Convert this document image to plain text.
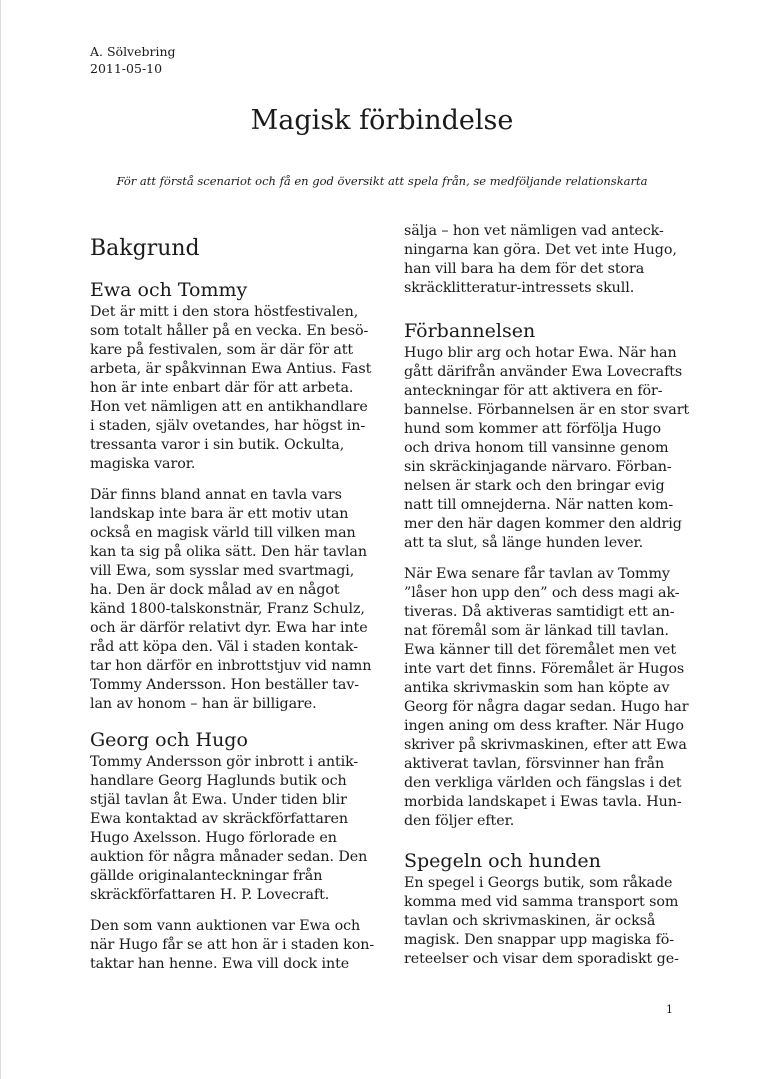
A. Sölvebring
2011-05-10
Magisk förbindelse
För att förstå scenariot och få en god översikt att spela från, se medföljande relationskarta
Bakgrund
Ewa och Tommy

Det är mitt i den stora höstfestivalen,
som totalt håller på en vecka. En besö-
kare på festivalen, som är där för att
arbeta, är spåkvinnan Ewa Antius. Fast
hon är inte enbart där för att arbeta.
Hon vet nämligen att en antikhandlare
i staden, själv ovetandes, har högst in-
tressanta varor i sin butik. Ockulta,
magiska varor.

Där finns bland annat en tavla vars
landskap inte bara är ett motiv utan
också en magisk värld till vilken man
kan ta sig på olika sätt. Den här tavlan
vill Ewa, som sysslar med svartmagi,
ha. Den är dock målad av en något
känd 1800-talskonstnär, Franz Schulz,
och är därför relativt dyr. Ewa har inte
råd att köpa den. Väl i staden kontak-
tar hon därför en inbrottstjuv vid namn
Tommy Andersson. Hon beställer tav-
lan av honom – han är billigare.

Georg och Hugo

Tommy Andersson gör inbrott i antik-
handlare Georg Haglunds butik och
stjäl tavlan åt Ewa. Under tiden blir
Ewa kontaktad av skräckförfattaren
Hugo Axelsson. Hugo förlorade en
auktion för några månader sedan. Den
gällde originalanteckningar från
skräckförfattaren H. P. Lovecraft.

Den som vann auktionen var Ewa och
när Hugo får se att hon är i staden kon-
taktar han henne. Ewa vill dock inte

sälja – hon vet nämligen vad anteck-
ningarna kan göra. Det vet inte Hugo,
han vill bara ha dem för det stora
skräcklitteratur-intressets skull.

Förbannelsen

Hugo blir arg och hotar Ewa. När han
gått därifrån använder Ewa Lovecrafts
anteckningar för att aktivera en för-
bannelse. Förbannelsen är en stor svart
hund som kommer att förfölja Hugo
och driva honom till vansinne genom
sin skräckinjagande närvaro. Förban-
nelsen är stark och den bringar evig
natt till omnejderna. När natten kom-
mer den här dagen kommer den aldrig
att ta slut, så länge hunden lever.

När Ewa senare får tavlan av Tommy
”låser hon upp den” och dess magi ak-
tiveras. Då aktiveras samtidigt ett an-
nat föremål som är länkad till tavlan.
Ewa känner till det föremålet men vet
inte vart det finns. Föremålet är Hugos
antika skrivmaskin som han köpte av
Georg för några dagar sedan. Hugo har
ingen aning om dess krafter. När Hugo
skriver på skrivmaskinen, efter att Ewa
aktiverat tavlan, försvinner han från
den verkliga världen och fängslas i det
morbida landskapet i Ewas tavla. Hun-
den följer efter.

Spegeln och hunden

En spegel i Georgs butik, som råkade
komma med vid samma transport som
tavlan och skrivmaskinen, är också
magisk. Den snappar upp magiska fö-
reteelser och visar dem sporadiskt ge-

1
